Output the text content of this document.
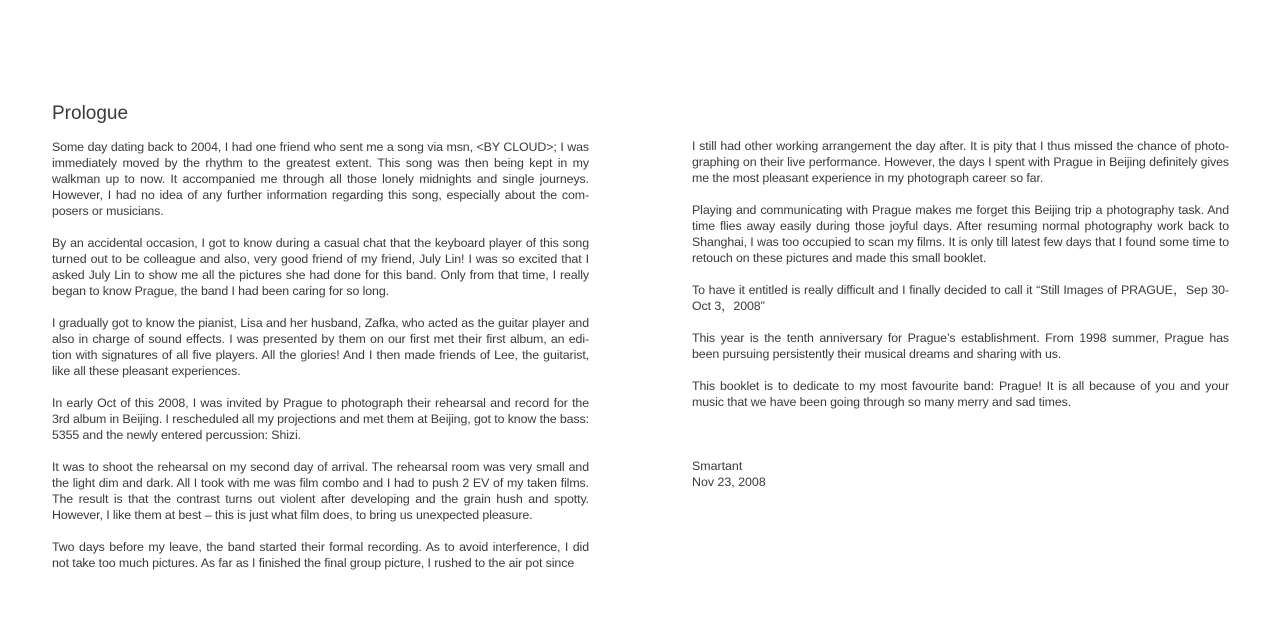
Prologue

Some day dating back to 2004, I had one friend who sent me a song via msn, <BY CLOUD>; I was immediately moved by the rhythm to the greatest extent. This song was then being kept in my walkman up to now. It accompanied me through all those lonely midnights and single journeys. However, I had no idea of any further information regarding this song, especially about the com-posers or musicians.

By an accidental occasion, I got to know during a casual chat that the keyboard player of this song turned out to be colleague and also, very good friend of my friend, July Lin! I was so excited that I asked July Lin to show me all the pictures she had done for this band. Only from that time, I really began to know Prague, the band I had been caring for so long.

I gradually got to know the pianist, Lisa and her husband, Zafka, who acted as the guitar player and also in charge of sound effects. I was presented by them on our first met their first album, an edi-tion with signatures of all five players. All the glories! And I then made friends of Lee, the guitarist, like all these pleasant experiences.

In early Oct of this 2008, I was invited by Prague to photograph their rehearsal and record for the 3rd album in Beijing. I rescheduled all my projections and met them at Beijing, got to know the bass: 5355 and the newly entered percussion: Shizi.

It was to shoot the rehearsal on my second day of arrival. The rehearsal room was very small and the light dim and dark. All I took with me was film combo and I had to push 2 EV of my taken films. The result is that the contrast turns out violent after developing and the grain hush and spotty. However, I like them at best – this is just what film does, to bring us unexpected pleasure.

Two days before my leave, the band started their formal recording. As to avoid interference, I did not take too much pictures. As far as I finished the final group picture, I rushed to the air pot since

I still had other working arrangement the day after. It is pity that I thus missed the chance of photo-graphing on their live performance. However, the days I spent with Prague in Beijing definitely gives me the most pleasant experience in my photograph career so far.

Playing and communicating with Prague makes me forget this Beijing trip a photography task. And time flies away easily during those joyful days. After resuming normal photography work back to Shanghai, I was too occupied to scan my films. It is only till latest few days that I found some time to retouch on these pictures and made this small booklet.

To have it entitled is really difficult and I finally decided to call it “Still Images of PRAGUE，Sep 30-Oct 3，2008”

This year is the tenth anniversary for Prague’s establishment. From 1998 summer, Prague has been pursuing persistently their musical dreams and sharing with us.

This booklet is to dedicate to my most favourite band: Prague! It is all because of you and your music that we have been going through so many merry and sad times.

Smartant
Nov 23, 2008
